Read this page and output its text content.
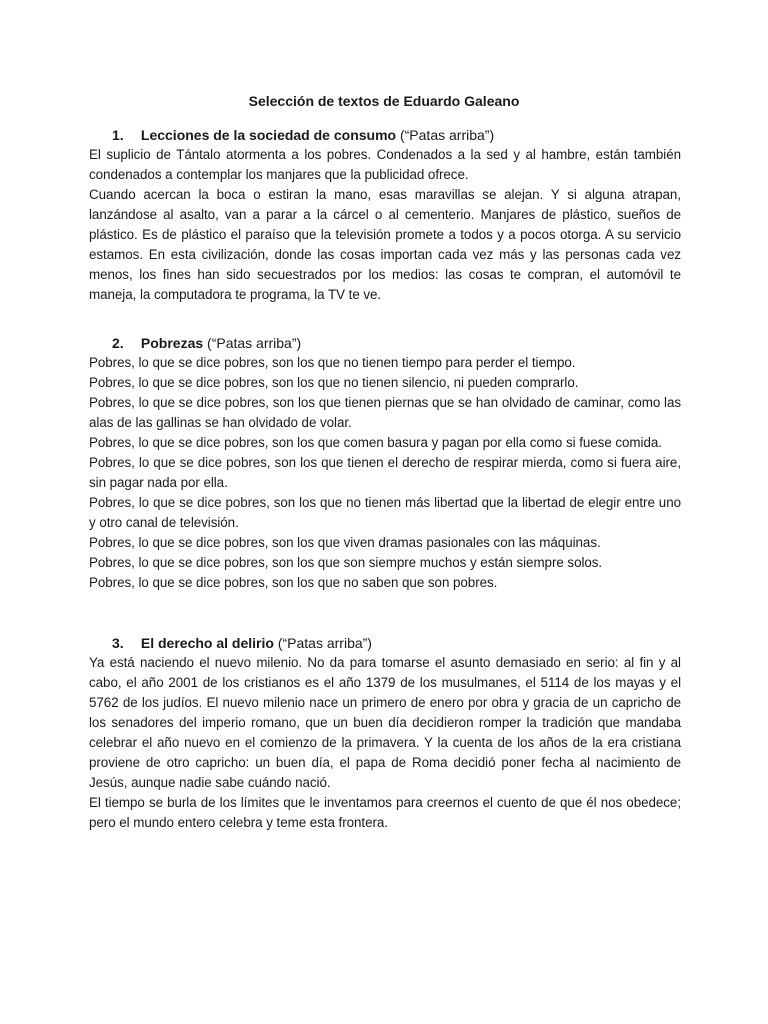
Selección de textos de Eduardo Galeano
1. Lecciones de la sociedad de consumo (“Patas arriba”)

El suplicio de Tántalo atormenta a los pobres. Condenados a la sed y al hambre, están también condenados a contemplar los manjares que la publicidad ofrece.

Cuando acercan la boca o estiran la mano, esas maravillas se alejan. Y si alguna atrapan, lanzándose al asalto, van a parar a la cárcel o al cementerio. Manjares de plástico, sueños de plástico. Es de plástico el paraíso que la televisión promete a todos y a pocos otorga. A su servicio estamos. En esta civilización, donde las cosas importan cada vez más y las personas cada vez menos, los fines han sido secuestrados por los medios: las cosas te compran, el automóvil te maneja, la computadora te programa, la TV te ve.

2. Pobrezas (“Patas arriba”)

Pobres, lo que se dice pobres, son los que no tienen tiempo para perder el tiempo.

Pobres, lo que se dice pobres, son los que no tienen silencio, ni pueden comprarlo.

Pobres, lo que se dice pobres, son los que tienen piernas que se han olvidado de caminar, como las alas de las gallinas se han olvidado de volar.

Pobres, lo que se dice pobres, son los que comen basura y pagan por ella como si fuese comida.

Pobres, lo que se dice pobres, son los que tienen el derecho de respirar mierda, como si fuera aire, sin pagar nada por ella.

Pobres, lo que se dice pobres, son los que no tienen más libertad que la libertad de elegir entre uno y otro canal de televisión.

Pobres, lo que se dice pobres, son los que viven dramas pasionales con las máquinas.

Pobres, lo que se dice pobres, son los que son siempre muchos y están siempre solos.

Pobres, lo que se dice pobres, son los que no saben que son pobres.

3. El derecho al delirio (“Patas arriba”)

Ya está naciendo el nuevo milenio. No da para tomarse el asunto demasiado en serio: al fin y al cabo, el año 2001 de los cristianos es el año 1379 de los musulmanes, el 5114 de los mayas y el 5762 de los judíos. El nuevo milenio nace un primero de enero por obra y gracia de un capricho de los senadores del imperio romano, que un buen día decidieron romper la tradición que mandaba celebrar el año nuevo en el comienzo de la primavera. Y la cuenta de los años de la era cristiana proviene de otro capricho: un buen día, el papa de Roma decidió poner fecha al nacimiento de Jesús, aunque nadie sabe cuándo nació.

El tiempo se burla de los límites que le inventamos para creernos el cuento de que él nos obedece; pero el mundo entero celebra y teme esta frontera.
